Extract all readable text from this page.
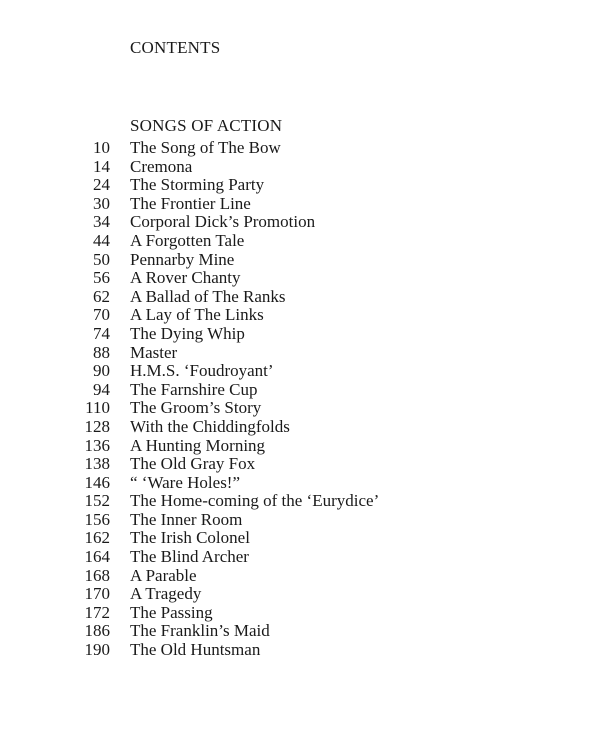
CONTENTS
SONGS OF ACTION
10 The Song of The Bow
14 Cremona
24 The Storming Party
30 The Frontier Line
34 Corporal Dick’s Promotion
44 A Forgotten Tale
50 Pennarby Mine
56 A Rover Chanty
62 A Ballad of The Ranks
70 A Lay of The Links
74 The Dying Whip
88 Master
90 H.M.S. ‘Foudroyant’
94 The Farnshire Cup
110 The Groom’s Story
128 With the Chiddingfolds
136 A Hunting Morning
138 The Old Gray Fox
146 “ ‘Ware Holes!”
152 The Home-coming of the ‘Eurydice’
156 The Inner Room
162 The Irish Colonel
164 The Blind Archer
168 A Parable
170 A Tragedy
172 The Passing
186 The Franklin’s Maid
190 The Old Huntsman
